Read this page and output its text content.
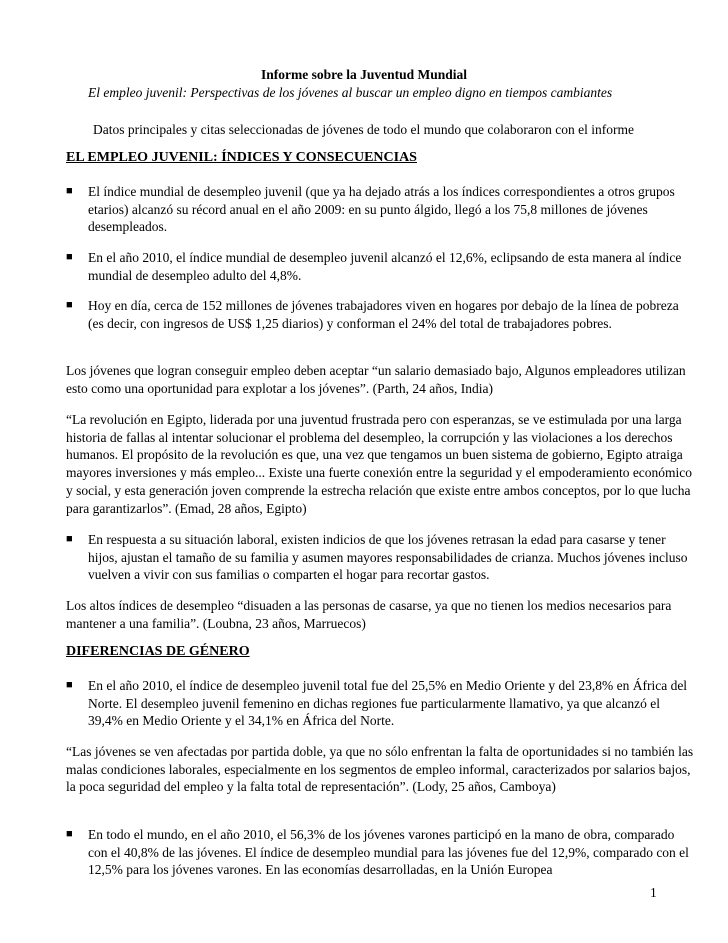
Informe sobre la Juventud Mundial
El empleo juvenil: Perspectivas de los jóvenes al buscar un empleo digno en tiempos cambiantes
Datos principales y citas seleccionadas de jóvenes de todo el mundo que colaboraron con el informe
EL EMPLEO JUVENIL: ÍNDICES Y CONSECUENCIAS
■ El índice mundial de desempleo juvenil (que ya ha dejado atrás a los índices correspondientes a otros grupos etarios) alcanzó su récord anual en el año 2009: en su punto álgido, llegó a los 75,8 millones de jóvenes desempleados.
■ En el año 2010, el índice mundial de desempleo juvenil alcanzó el 12,6%, eclipsando de esta manera al índice mundial de desempleo adulto del 4,8%.
■ Hoy en día, cerca de 152 millones de jóvenes trabajadores viven en hogares por debajo de la línea de pobreza (es decir, con ingresos de US$ 1,25 diarios) y conforman el 24% del total de trabajadores pobres.
Los jóvenes que logran conseguir empleo deben aceptar “un salario demasiado bajo, Algunos empleadores utilizan esto como una oportunidad para explotar a los jóvenes”. (Parth, 24 años, India)
“La revolución en Egipto, liderada por una juventud frustrada pero con esperanzas, se ve estimulada por una larga historia de fallas al intentar solucionar el problema del desempleo, la corrupción y las violaciones a los derechos humanos. El propósito de la revolución es que, una vez que tengamos un buen sistema de gobierno, Egipto atraiga mayores inversiones y más empleo... Existe una fuerte conexión entre la seguridad y el empoderamiento económico y social, y esta generación joven comprende la estrecha relación que existe entre ambos conceptos, por lo que lucha para garantizarlos”. (Emad, 28 años, Egipto)
■ En respuesta a su situación laboral, existen indicios de que los jóvenes retrasan la edad para casarse y tener hijos, ajustan el tamaño de su familia y asumen mayores responsabilidades de crianza. Muchos jóvenes incluso vuelven a vivir con sus familias o comparten el hogar para recortar gastos.
Los altos índices de desempleo “disuaden a las personas de casarse, ya que no tienen los medios necesarios para mantener a una familia”. (Loubna, 23 años, Marruecos)
DIFERENCIAS DE GÉNERO
■ En el año 2010, el índice de desempleo juvenil total fue del 25,5% en Medio Oriente y del 23,8% en África del Norte. El desempleo juvenil femenino en dichas regiones fue particularmente llamativo, ya que alcanzó el 39,4% en Medio Oriente y el 34,1% en África del Norte.
“Las jóvenes se ven afectadas por partida doble, ya que no sólo enfrentan la falta de oportunidades si no también las malas condiciones laborales, especialmente en los segmentos de empleo informal, caracterizados por salarios bajos, la poca seguridad del empleo y la falta total de representación”. (Lody, 25 años, Camboya)
■ En todo el mundo, en el año 2010, el 56,3% de los jóvenes varones participó en la mano de obra, comparado con el 40,8% de las jóvenes. El índice de desempleo mundial para las jóvenes fue del 12,9%, comparado con el 12,5% para los jóvenes varones. En las economías desarrolladas, en la Unión Europea
1
